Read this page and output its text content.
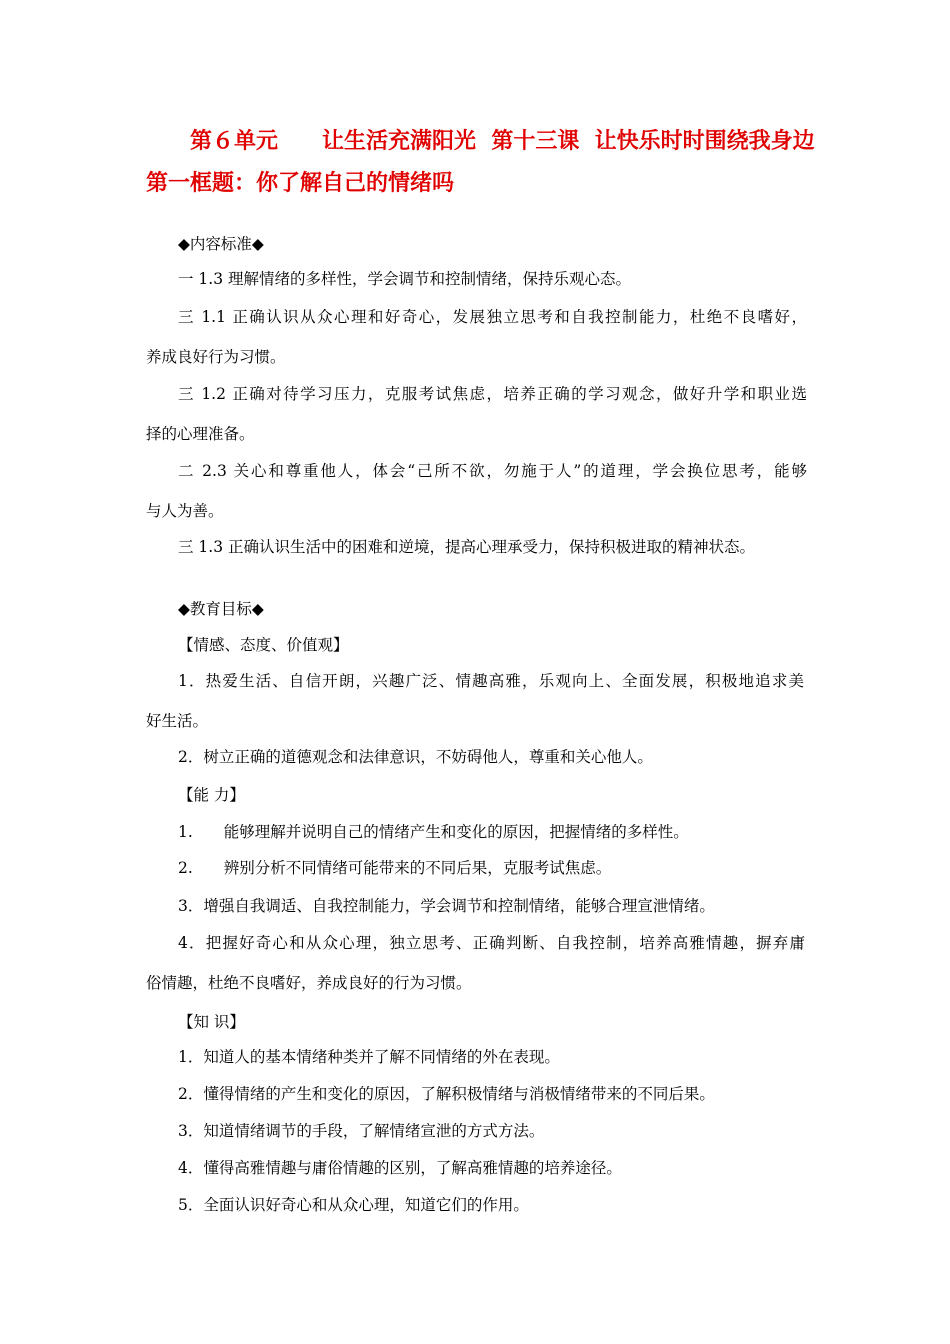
第６单元　　让生活充满阳光  第十三课  让快乐时时围绕我身边
第一框题：你了解自己的情绪吗
◆内容标准◆
一 1.3 理解情绪的多样性，学会调节和控制情绪，保持乐观心态。
三 1.1 正确认识从众心理和好奇心，发展独立思考和自我控制能力，杜绝不良嗜好，
养成良好行为习惯。
三 1.2 正确对待学习压力，克服考试焦虑，培养正确的学习观念，做好升学和职业选
择的心理准备。
二 2.3 关心和尊重他人，体会“己所不欲，勿施于人”的道理，学会换位思考，能够
与人为善。
三 1.3 正确认识生活中的困难和逆境，提高心理承受力，保持积极进取的精神状态。
◆教育目标◆
【情感、态度、价值观】
1．热爱生活、自信开朗，兴趣广泛、情趣高雅，乐观向上、全面发展，积极地追求美
好生活。
2．树立正确的道德观念和法律意识，不妨碍他人，尊重和关心他人。
【能 力】
1.　　能够理解并说明自己的情绪产生和变化的原因，把握情绪的多样性。
2.　　辨别分析不同情绪可能带来的不同后果，克服考试焦虑。
3．增强自我调适、自我控制能力，学会调节和控制情绪，能够合理宣泄情绪。
4．把握好奇心和从众心理，独立思考、正确判断、自我控制，培养高雅情趣，摒弃庸
俗情趣，杜绝不良嗜好，养成良好的行为习惯。
【知 识】
1．知道人的基本情绪种类并了解不同情绪的外在表现。
2．懂得情绪的产生和变化的原因，了解积极情绪与消极情绪带来的不同后果。
3．知道情绪调节的手段，了解情绪宣泄的方式方法。
4．懂得高雅情趣与庸俗情趣的区别，了解高雅情趣的培养途径。
5．全面认识好奇心和从众心理，知道它们的作用。
